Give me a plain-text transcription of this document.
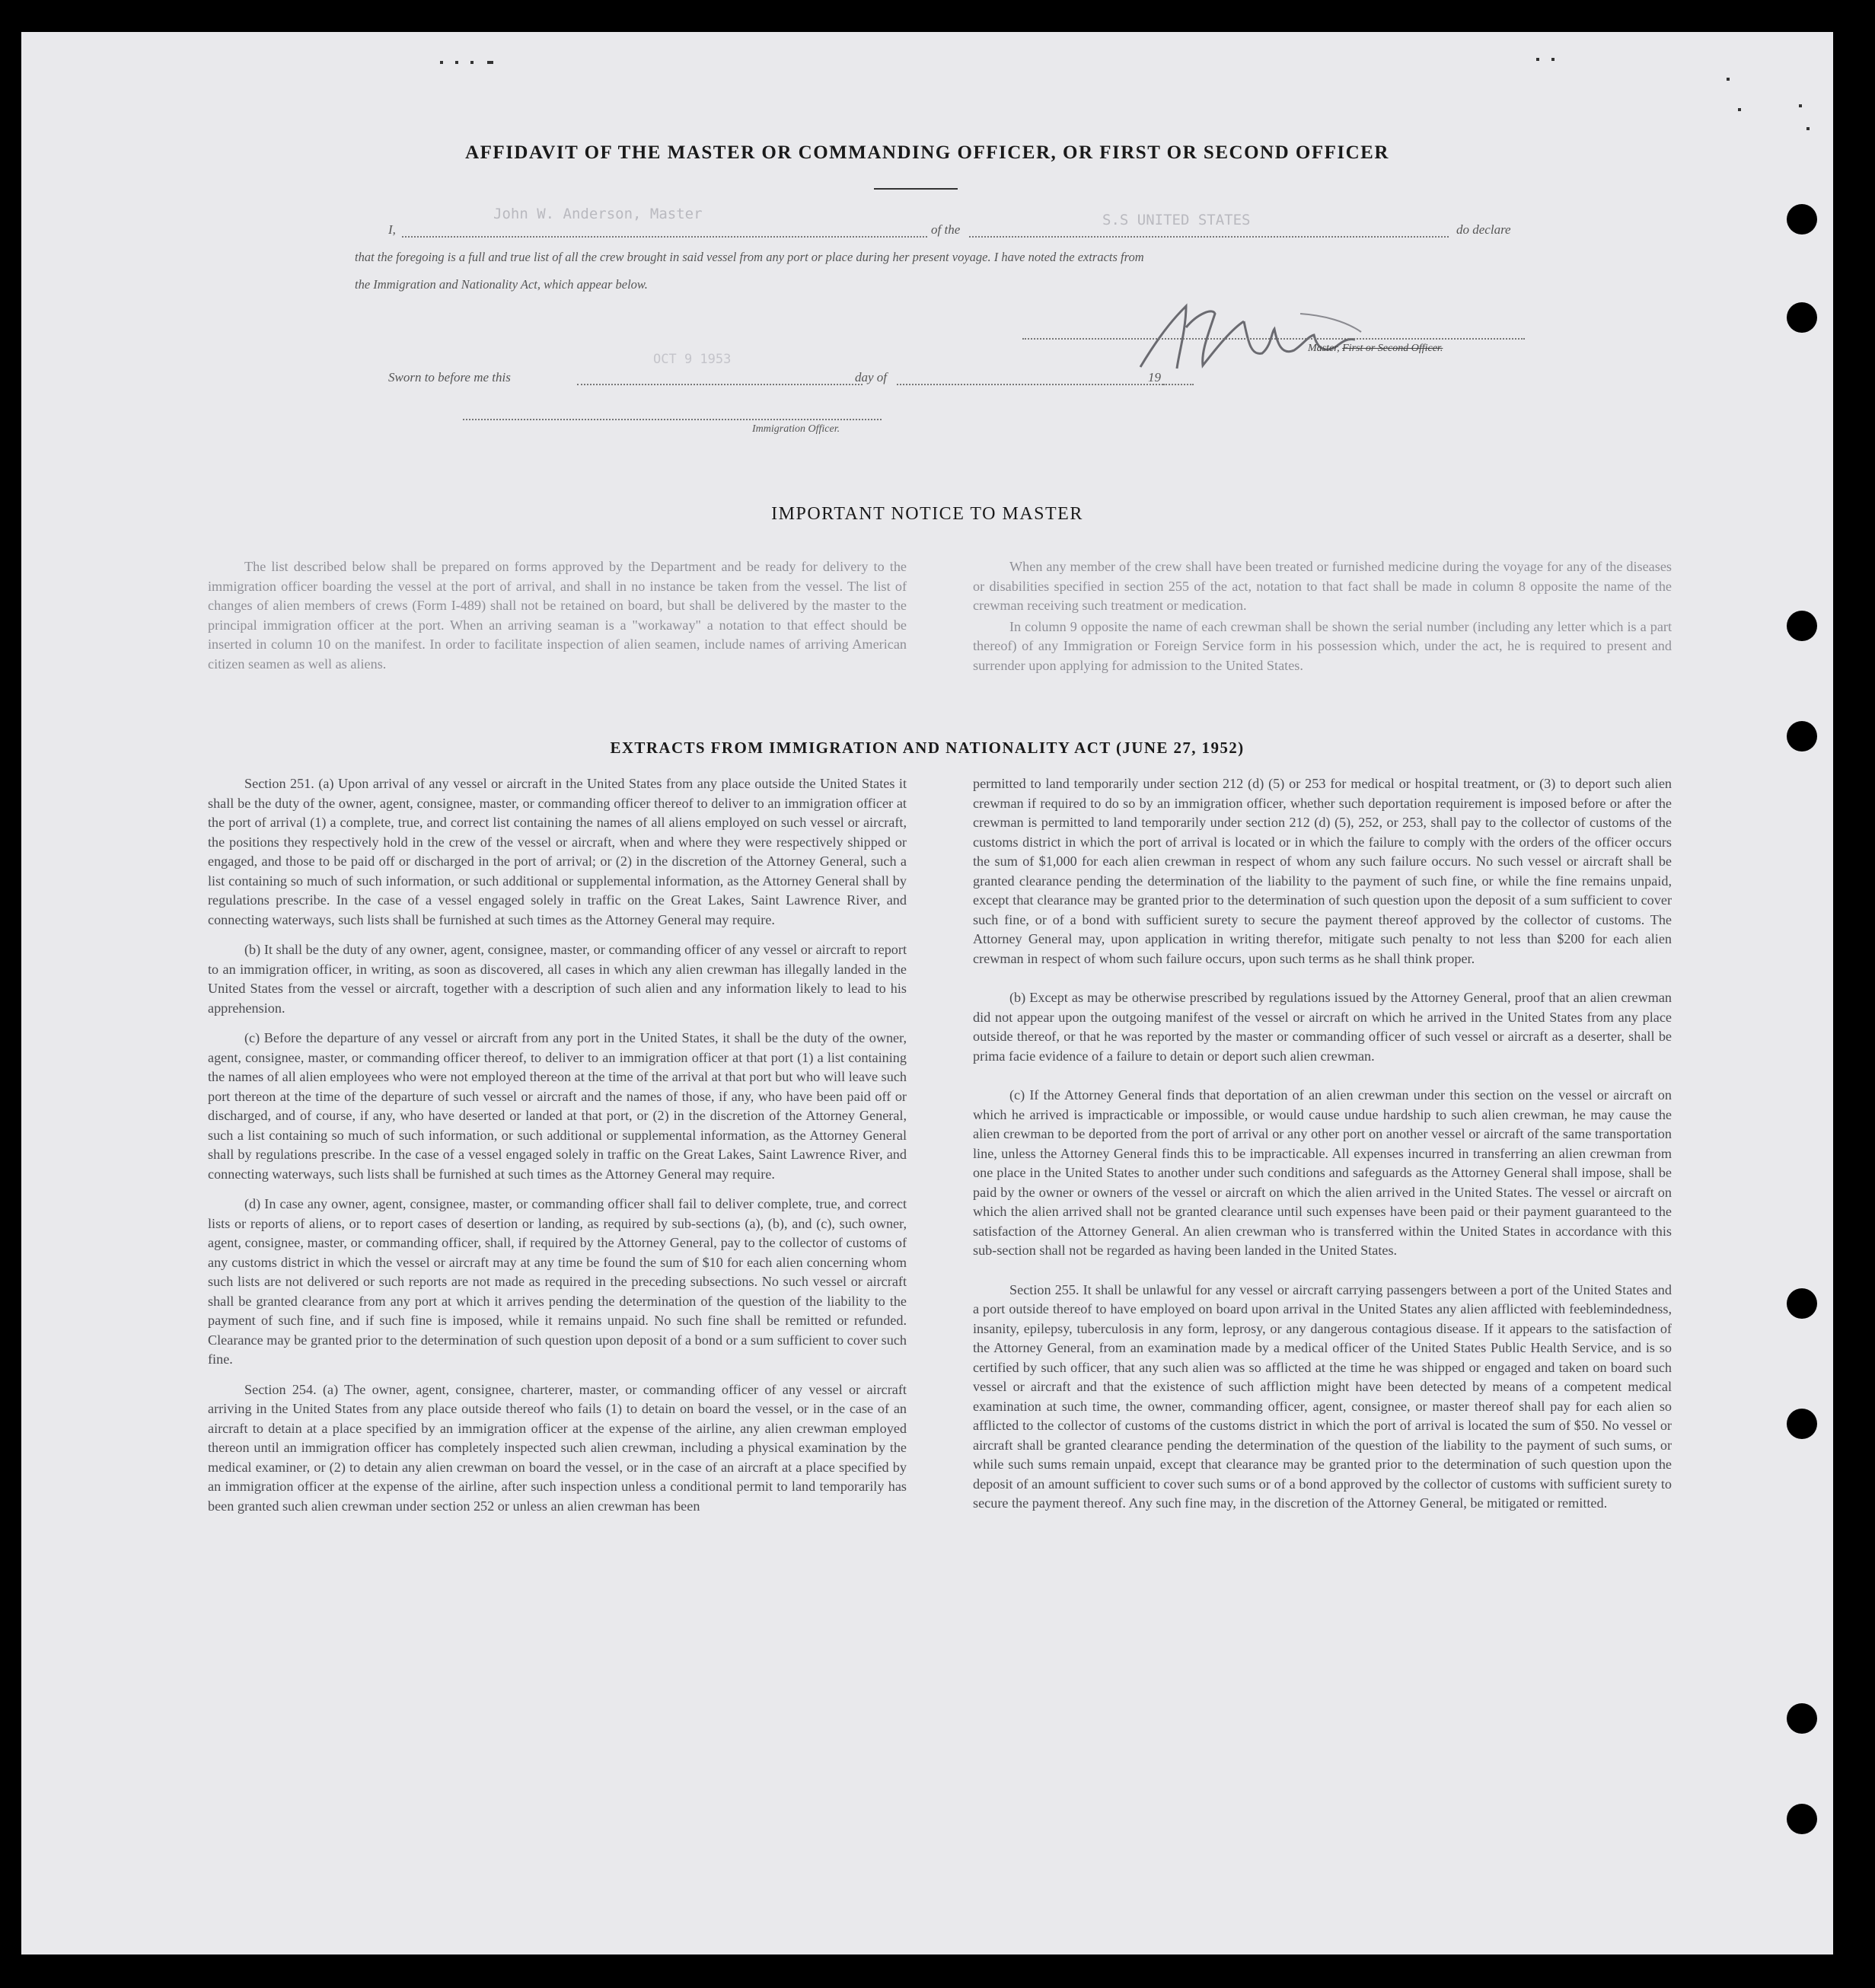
AFFIDAVIT OF THE MASTER OR COMMANDING OFFICER, OR FIRST OR SECOND OFFICER
John W. Anderson, Master	S.S UNITED STATES
I,	of the	do declare
that the foregoing is a full and true list of all the crew brought in said vessel from any port or place during her present voyage. I have noted the extracts from
the Immigration and Nationality Act, which appear below.
Master, First or Second Officer.
OCT 9 1953
Sworn to before me this	day of	19
Immigration Officer.
IMPORTANT NOTICE TO MASTER

The list described below shall be prepared on forms approved by the Department and be ready for delivery to the immigration officer boarding the vessel at the port of arrival, and shall in no instance be taken from the vessel. The list of changes of alien members of crews (Form I-489) shall not be retained on board, but shall be delivered by the master to the principal immigration officer at the port. When an arriving seaman is a "workaway" a notation to that effect should be inserted in column 10 on the manifest. In order to facilitate inspection of alien seamen, include names of arriving American citizen seamen as well as aliens.

When any member of the crew shall have been treated or furnished medicine during the voyage for any of the diseases or disabilities specified in section 255 of the act, notation to that fact shall be made in column 8 opposite the name of the crewman receiving such treatment or medication.

In column 9 opposite the name of each crewman shall be shown the serial number (including any letter which is a part thereof) of any Immigration or Foreign Service form in his possession which, under the act, he is required to present and surrender upon applying for admission to the United States.

EXTRACTS FROM IMMIGRATION AND NATIONALITY ACT (JUNE 27, 1952)

Section 251. (a) Upon arrival of any vessel or aircraft in the United States from any place outside the United States it shall be the duty of the owner, agent, consignee, master, or commanding officer thereof to deliver to an immigration officer at the port of arrival (1) a complete, true, and correct list containing the names of all aliens employed on such vessel or aircraft, the positions they respectively hold in the crew of the vessel or aircraft, when and where they were respectively shipped or engaged, and those to be paid off or discharged in the port of arrival; or (2) in the discretion of the Attorney General, such a list containing so much of such information, or such additional or supplemental information, as the Attorney General shall by regulations prescribe. In the case of a vessel engaged solely in traffic on the Great Lakes, Saint Lawrence River, and connecting waterways, such lists shall be furnished at such times as the Attorney General may require.

(b) It shall be the duty of any owner, agent, consignee, master, or commanding officer of any vessel or aircraft to report to an immigration officer, in writing, as soon as discovered, all cases in which any alien crewman has illegally landed in the United States from the vessel or aircraft, together with a description of such alien and any information likely to lead to his apprehension.

(c) Before the departure of any vessel or aircraft from any port in the United States, it shall be the duty of the owner, agent, consignee, master, or commanding officer thereof, to deliver to an immigration officer at that port (1) a list containing the names of all alien employees who were not employed thereon at the time of the arrival at that port but who will leave such port thereon at the time of the departure of such vessel or aircraft and the names of those, if any, who have been paid off or discharged, and of course, if any, who have deserted or landed at that port, or (2) in the discretion of the Attorney General, such a list containing so much of such information, or such additional or supplemental information, as the Attorney General shall by regulations prescribe. In the case of a vessel engaged solely in traffic on the Great Lakes, Saint Lawrence River, and connecting waterways, such lists shall be furnished at such times as the Attorney General may require.

(d) In case any owner, agent, consignee, master, or commanding officer shall fail to deliver complete, true, and correct lists or reports of aliens, or to report cases of desertion or landing, as required by sub-sections (a), (b), and (c), such owner, agent, consignee, master, or commanding officer, shall, if required by the Attorney General, pay to the collector of customs of any customs district in which the vessel or aircraft may at any time be found the sum of $10 for each alien concerning whom such lists are not delivered or such reports are not made as required in the preceding subsections. No such vessel or aircraft shall be granted clearance from any port at which it arrives pending the determination of the question of the liability to the payment of such fine, and if such fine is imposed, while it remains unpaid. No such fine shall be remitted or refunded. Clearance may be granted prior to the determination of such question upon deposit of a bond or a sum sufficient to cover such fine.

Section 254. (a) The owner, agent, consignee, charterer, master, or commanding officer of any vessel or aircraft arriving in the United States from any place outside thereof who fails (1) to detain on board the vessel, or in the case of an aircraft to detain at a place specified by an immigration officer at the expense of the airline, any alien crewman employed thereon until an immigration officer has completely inspected such alien crewman, including a physical examination by the medical examiner, or (2) to detain any alien crewman on board the vessel, or in the case of an aircraft at a place specified by an immigration officer at the expense of the airline, after such inspection unless a conditional permit to land temporarily has been granted such alien crewman under section 252 or unless an alien crewman has been

permitted to land temporarily under section 212 (d) (5) or 253 for medical or hospital treatment, or (3) to deport such alien crewman if required to do so by an immigration officer, whether such deportation requirement is imposed before or after the crewman is permitted to land temporarily under section 212 (d) (5), 252, or 253, shall pay to the collector of customs of the customs district in which the port of arrival is located or in which the failure to comply with the orders of the officer occurs the sum of $1,000 for each alien crewman in respect of whom any such failure occurs. No such vessel or aircraft shall be granted clearance pending the determination of the liability to the payment of such fine, or while the fine remains unpaid, except that clearance may be granted prior to the determination of such question upon the deposit of a sum sufficient to cover such fine, or of a bond with sufficient surety to secure the payment thereof approved by the collector of customs. The Attorney General may, upon application in writing therefor, mitigate such penalty to not less than $200 for each alien crewman in respect of whom such failure occurs, upon such terms as he shall think proper.

(b) Except as may be otherwise prescribed by regulations issued by the Attorney General, proof that an alien crewman did not appear upon the outgoing manifest of the vessel or aircraft on which he arrived in the United States from any place outside thereof, or that he was reported by the master or commanding officer of such vessel or aircraft as a deserter, shall be prima facie evidence of a failure to detain or deport such alien crewman.

(c) If the Attorney General finds that deportation of an alien crewman under this section on the vessel or aircraft on which he arrived is impracticable or impossible, or would cause undue hardship to such alien crewman, he may cause the alien crewman to be deported from the port of arrival or any other port on another vessel or aircraft of the same transportation line, unless the Attorney General finds this to be impracticable. All expenses incurred in transferring an alien crewman from one place in the United States to another under such conditions and safeguards as the Attorney General shall impose, shall be paid by the owner or owners of the vessel or aircraft on which the alien arrived in the United States. The vessel or aircraft on which the alien arrived shall not be granted clearance until such expenses have been paid or their payment guaranteed to the satisfaction of the Attorney General. An alien crewman who is transferred within the United States in accordance with this sub-section shall not be regarded as having been landed in the United States.

Section 255. It shall be unlawful for any vessel or aircraft carrying passengers between a port of the United States and a port outside thereof to have employed on board upon arrival in the United States any alien afflicted with feeblemindedness, insanity, epilepsy, tuberculosis in any form, leprosy, or any dangerous contagious disease. If it appears to the satisfaction of the Attorney General, from an examination made by a medical officer of the United States Public Health Service, and is so certified by such officer, that any such alien was so afflicted at the time he was shipped or engaged and taken on board such vessel or aircraft and that the existence of such affliction might have been detected by means of a competent medical examination at such time, the owner, commanding officer, agent, consignee, or master thereof shall pay for each alien so afflicted to the collector of customs of the customs district in which the port of arrival is located the sum of $50. No vessel or aircraft shall be granted clearance pending the determination of the question of the liability to the payment of such sums, or while such sums remain unpaid, except that clearance may be granted prior to the determination of such question upon the deposit of an amount sufficient to cover such sums or of a bond approved by the collector of customs with sufficient surety to secure the payment thereof. Any such fine may, in the discretion of the Attorney General, be mitigated or remitted.
